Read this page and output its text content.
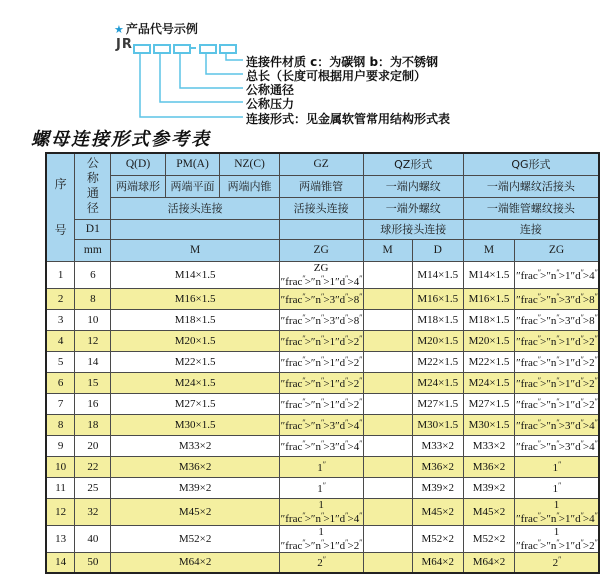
★ 产品代号示例
JR
连接件材质 c：为碳钢 b：为不锈钢
总长（长度可根据用户要求定制）
公称通径
公称压力
连接形式：见金属软管常用结构形式表
螺母连接形式参考表
序号	公称通径	Q(D)	PM(A)	NZ(C)	GZ	QZ形式		QG形式	
		两端球形	两端平面	两端内锥	两端锥管	一端内螺纹		一端内螺纹活接头	
		活接头连接			活接头连接	一端外螺纹		一端锥管螺纹接头	
	D1					球形接头连接		连接	
	mm	M			ZG	M	D	M	ZG
1	6	M14×1.5			ZG ″frac″>″n″>1″d″>4″		M14×1.5	M14×1.5	″frac″>″n″>1″d″>4″
2	8	M16×1.5			″frac″>″n″>3″d″>8″		M16×1.5	M16×1.5	″frac″>″n″>3″d″>8″
3	10	M18×1.5			″frac″>″n″>3″d″>8″		M18×1.5	M18×1.5	″frac″>″n″>3″d″>8″
4	12	M20×1.5			″frac″>″n″>1″d″>2″		M20×1.5	M20×1.5	″frac″>″n″>1″d″>2″
5	14	M22×1.5			″frac″>″n″>1″d″>2″		M22×1.5	M22×1.5	″frac″>″n″>1″d″>2″
6	15	M24×1.5			″frac″>″n″>1″d″>2″		M24×1.5	M24×1.5	″frac″>″n″>1″d″>2″
7	16	M27×1.5			″frac″>″n″>1″d″>2″		M27×1.5	M27×1.5	″frac″>″n″>1″d″>2″
8	18	M30×1.5			″frac″>″n″>3″d″>4″		M30×1.5	M30×1.5	″frac″>″n″>3″d″>4″
9	20	M33×2			″frac″>″n″>3″d″>4″		M33×2	M33×2	″frac″>″n″>3″d″>4″
10	22	M36×2			1″		M36×2	M36×2	1″
11	25	M39×2			1″		M39×2	M39×2	1″
12	32	M45×2			1 ″frac″>″n″>1″d″>4″		M45×2	M45×2	1 ″frac″>″n″>1″d″>4″
13	40	M52×2			1 ″frac″>″n″>1″d″>2″		M52×2	M52×2	1 ″frac″>″n″>1″d″>2″
14	50	M64×2			2″		M64×2	M64×2	2″
